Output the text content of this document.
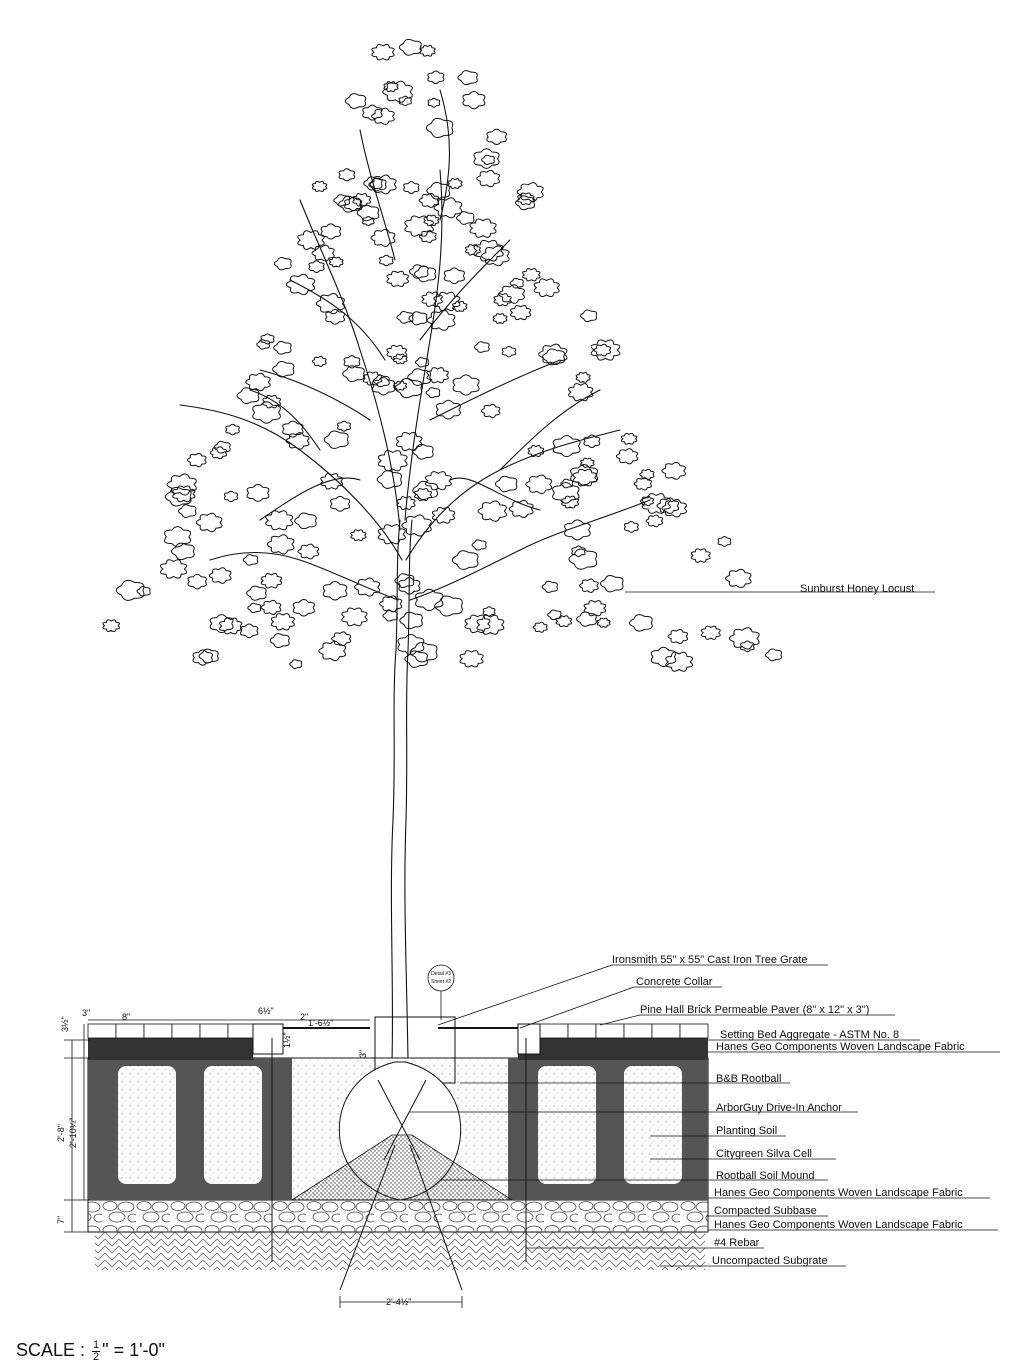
Sunburst Honey Locust
Detail #3
Sheet #2
Ironsmith 55" x 55" Cast Iron Tree Grate
Concrete Collar
Pine Hall Brick Permeable Paver (8" x 12" x 3")
Setting Bed Aggregate - ASTM No. 8
Hanes Geo Components Woven Landscape Fabric
B&B Rootball
ArborGuy Drive-In Anchor
Planting Soil
Citygreen Silva Cell
Rootball Soil Mound
Hanes Geo Components Woven Landscape Fabric
Compacted Subbase
Hanes Geo Components Woven Landscape Fabric
#4 Rebar
Uncompacted Subgrate
3½"
3"	8"
6½"
2"
1'-6½"
1½"
3"
2'-8" 2'-10¼"
7"
2'-4½"
SCALE : $\frac{1}{2}$ " = 1'-0"
